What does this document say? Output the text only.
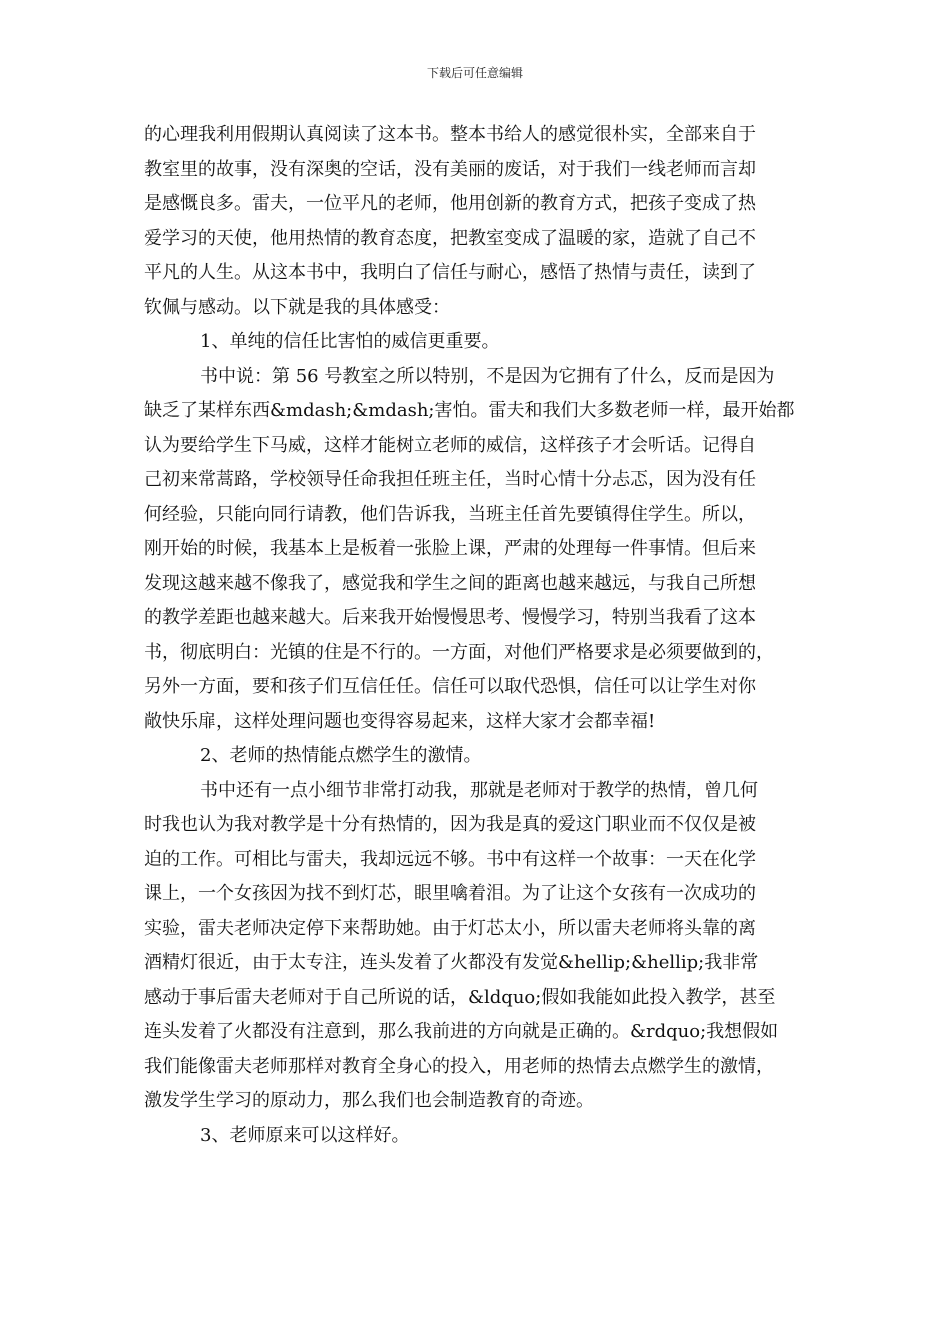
下载后可任意编辑
的心理我利用假期认真阅读了这本书。整本书给人的感觉很朴实，全部来自于
教室里的故事，没有深奥的空话，没有美丽的废话，对于我们一线老师而言却
是感慨良多。雷夫，一位平凡的老师，他用创新的教育方式，把孩子变成了热
爱学习的天使，他用热情的教育态度，把教室变成了温暖的家，造就了自己不
平凡的人生。从这本书中，我明白了信任与耐心，感悟了热情与责任，读到了
钦佩与感动。以下就是我的具体感受：
1、单纯的信任比害怕的威信更重要。
书中说：第 56 号教室之所以特别，不是因为它拥有了什么，反而是因为
缺乏了某样东西&mdash;&mdash;害怕。雷夫和我们大多数老师一样，最开始都
认为要给学生下马威，这样才能树立老师的威信，这样孩子才会听话。记得自
己初来常蒿路，学校领导任命我担任班主任，当时心情十分忐忑，因为没有任
何经验，只能向同行请教，他们告诉我，当班主任首先要镇得住学生。所以，
刚开始的时候，我基本上是板着一张脸上课，严肃的处理每一件事情。但后来
发现这越来越不像我了，感觉我和学生之间的距离也越来越远，与我自己所想
的教学差距也越来越大。后来我开始慢慢思考、慢慢学习，特别当我看了这本
书，彻底明白：光镇的住是不行的。一方面，对他们严格要求是必须要做到的，
另外一方面，要和孩子们互信任任。信任可以取代恐惧，信任可以让学生对你
敞快乐扉，这样处理问题也变得容易起来，这样大家才会都幸福!
2、老师的热情能点燃学生的激情。
书中还有一点小细节非常打动我，那就是老师对于教学的热情，曾几何
时我也认为我对教学是十分有热情的，因为我是真的爱这门职业而不仅仅是被
迫的工作。可相比与雷夫，我却远远不够。书中有这样一个故事：一天在化学
课上，一个女孩因为找不到灯芯，眼里噙着泪。为了让这个女孩有一次成功的
实验，雷夫老师决定停下来帮助她。由于灯芯太小，所以雷夫老师将头靠的离
酒精灯很近，由于太专注，连头发着了火都没有发觉&hellip;&hellip;我非常
感动于事后雷夫老师对于自己所说的话，&ldquo;假如我能如此投入教学，甚至
连头发着了火都没有注意到，那么我前进的方向就是正确的。&rdquo;我想假如
我们能像雷夫老师那样对教育全身心的投入，用老师的热情去点燃学生的激情，
激发学生学习的原动力，那么我们也会制造教育的奇迹。
3、老师原来可以这样好。
